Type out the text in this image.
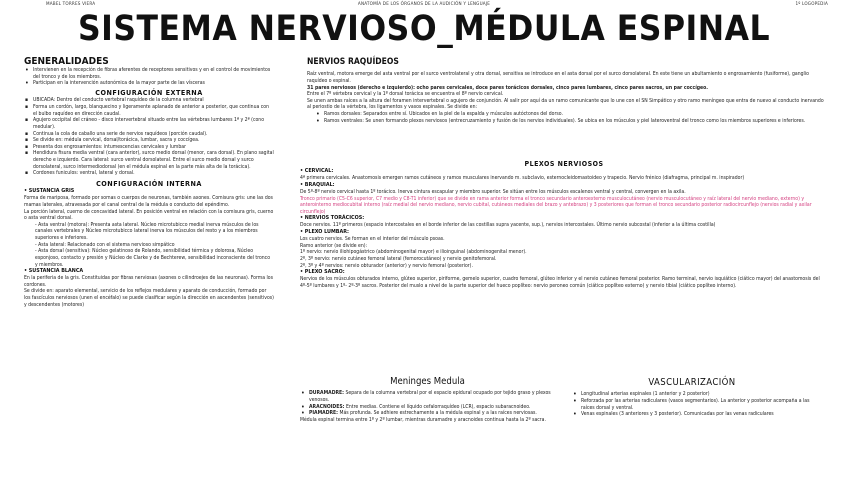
MABEL TORRES VIERA	ANATOMÍA DE LOS ÓRGANOS DE LA AUDICIÓN Y LENGUAJE	1º LOGOPEDIA
SISTEMA NERVIOSO_MÉDULA ESPINAL
GENERALIDADES
• Intervienen en la recepción de fibras aferentes de receptores sensitivos y en el control de movimientos del tronco y de los miembros.
• Participan en la intervención autonómica de la mayor parte de las vísceras
CONFIGURACIÓN EXTERNA
▪ UBICADA: Dentro del conducto vertebral raquídeo de la columna vertebral
▪ Forma un cordón, largo, blanquecino y ligeramente aplanado de anterior a posterior, que continua con el bulbo raquídeo en dirección caudal.
▪ Agujero occipital del cráneo - disco intervertebral situado entre las vértebras lumbares 1ª y 2ª (cono medular).
▪ Continua la cola de caballo una serie de nervios raquídeos (porción caudal).
▪ Se divide en: médula cervical, dorsal/torácica, lumbar, sacra y coccígea.
▪ Presenta dos engrosamientos: intumescencias cervicales y lumbar
▪ Hendidura fisura media ventral (cara anterior), surco medio dorsal (menor, cara dorsal). En plano sagital derecho e izquierdo. Cara lateral: surco ventral dorsolateral. Entre el surco medio dorsal y surco dorsolateral, surco intermediodorsal (en el médula espinal en la parte más alta de la torácica).
▪ Cordones funiculos: ventral, lateral y dorsal.
CONFIGURACIÓN INTERNA
• SUSTANCIA GRIS

Forma de mariposa, formado por somas o cuerpos de neuronas, también axones. Comisura gris: une las dos mamas laterales, atravesada por el canal central de la médula o conducto del epéndimo.

La porción lateral, cuerno de concavidad lateral. En posición ventral en relación con la comisura gris, cuerno o asta ventral dorsal.

- Asta ventral (motora): Presenta asta lateral. Núcleo microtubicco medial inerva músculos de los canales vertebrales y Núcleo microtubicco lateral inerva los músculos del resto y a los miembros superiores e inferiores.

- Asta lateral: Relacionado con el sistema nervioso simpático

- Asta dorsal (sensitiva): Núcleo gelatinoso de Rolando, sensibilidad térmica y dolorosa, Núcleo esponjoso, contacto y presión y Núcleo de Clarke y de Bechterew, sensibilidad inconsciente del tronco y miembros.

• SUSTANCIA BLANCA

En la periferia de la gris. Constituidas por fibras nerviosas (axones o cilindroejes de las neuronas). Forma los cordones.

Se divide en: aparato elemental, servicio de los reflejos medulares y aparato de conducción, formado por los fascículos nerviosos (unen el encéfalo) se puede clasificar según la dirección en ascendentes (sensitivos) y descendentes (motores)

NERVIOS RAQUÍDEOS

Raíz ventral, motora emerge del asta ventral por el surco ventrolateral y otra dorsal, sensitiva se introduce en el asta dorsal por el surco dorsolateral. En este tiene un abultamiento o engrosamiento (fusiforme), ganglio raquídeo o espinal.

31 pares nerviosos (derecho e izquierdo): ocho pares cervicales, doce pares torácicos dorsales, cinco pares lumbares, cinco pares sacros, un par coccígeo.

Entre el 7º vértebra cervical y la 1º dorsal torácica se encuentra el 8º nervio cervical.

Se unen ambas raíces a la altura del foramen intervertebral o agujero de conjunción. Al salir por aquí da un ramo comunicante que lo une con el SN Simpático y otro ramo meníngeo que entra de nuevo al conducto inervando al periostio de la vértebra, los ligamentos y vasos espinales. Se divide en:

• Ramos dorsales: Separados entre sí. Ubicados en la piel de la espalda y músculos autóctonos del dorso.
• Ramos ventrales: Se unen formando plexos nerviosos (entrecruzamiento y fusión de los nervios individuales). Se ubica en los músculos y piel lateroventral del tronco como los miembros superiores e inferiores.
PLEXOS NERVIOSOS
• CERVICAL:

4ª primera cervicales. Anastomosis emergen ramos cutáneos y ramos musculares inervando m. subclavio, esternocleidomastoideo y trapecio. Nervio frénico (diafragma, principal m. inspirador)

• BRAQUIAL:

De 5º-8º nervio cervical hasta 1º torácico. Inerva cintura escapular y miembro superior. Se sitúan entre los músculos escalenos ventral y central, convergen en la axila.

Tronco primario (C5-C6 superior, C7 medio y C8-T1 inferior) que se divide en rama anterior forma el tronco secundario anteroexterno musculocutáneo (nervio musculocutáneo y raíz lateral del nervio mediano, externo) y anterointerno mediocubital interno (raíz medial del nervio mediano, nervio cubital, cutáneos mediales del brazo y antebrazo) y 3 posteriores que forman el tronco secundario posterior radiocircunflejo (nervios radial y axilar circunflejo)

• NERVIOS TORÁCICOS:

Doce nervios. 11º primeros (espacio intercostales en el borde inferior de las costillas supra yacente, sup.), nervios intercostales. Último nervio subcostal (inferior a la última costilla)

• PLEXO LUMBAR:

Los cuatro nervios. Se forman en el interior del músculo psoas.

Ramo anterior (se divide en):

1º nervio: nervio iliohipogástrico (abdominogenital mayor) e ilioinguinal (abdominogenital menor).

2º, 3º nervio: nervio cutáneo femoral lateral (femorocutáneo) y nervio genitofemoral.

2º, 3º y 4º nervios: nervio obturador (anterior) y nervio femoral (posterior).

• PLEXO SACRO:

Nervios de los músculos obturados interno, glúteo superior, piriforme, gemelo superior, cuadro femoral, glúteo inferior y el nervio cutáneo femoral posterior. Ramo terminal, nervio isquiático (ciático mayor) del anastomosis del 4º-5º lumbares y 1º- 2º-3º sacros. Posterior del muslo a nivel de la parte superior del hueco poplíteo: nervio peroneo común (ciático poplíteo externo) y nervio tibial (ciático poplíteo interno).

Meninges Medula
• DURAMADRE: Separa de la columna vertebral por el espacio epidural ocupado por tejido graso y plexos venosos.
• ARACNOIDES: Entre medias. Contiene el líquido cefalorraquídeo (LCR), espacio subaracnoideo.
• PIAMADRE: Más profunda. Se adhiere estrechamente a la médula espinal y a las raíces nerviosas.

Médula espinal termina entre 1º y 2º lumbar, mientras duramadre y aracnoides continua hasta la 2º sacra.

VASCULARIZACIÓN
• Longitudinal arterias espinales (1 anterior y 2 posterior)
• Reforzada por las arterias radiculares (vasos segmentarios). La anterior y posterior acompaña a las raíces dorsal y ventral.
• Venas espinales (3 anteriores y 3 posterior). Comunicadas por las venas radiculares
